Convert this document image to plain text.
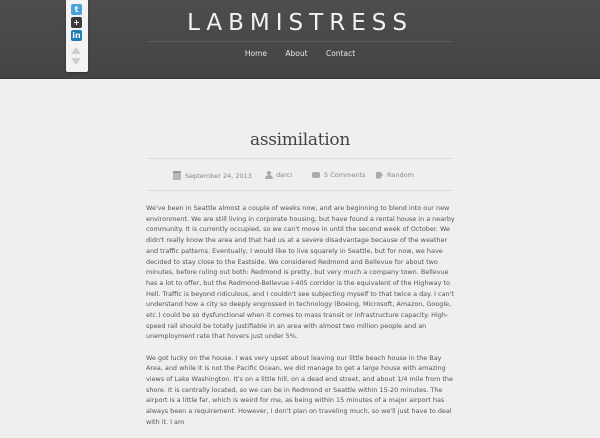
LABMISTRESS
Home About Contact
t
+
in
assimilation
September 24, 2013	darci	5 Comments	Random

We've been in Seattle almost a couple of weeks now, and are beginning to blend into our new environment. We are still living in corporate housing, but have found a rental house in a nearby community. It is currently occupied, so we can't move in until the second week of October. We didn't really know the area and that had us at a severe disadvantage because of the weather and traffic patterns. Eventually, I would like to live squarely in Seattle, but for now, we have decided to stay close to the Eastside. We considered Redmond and Bellevue for about two minutes, before ruling out both: Redmond is pretty, but very much a company town. Bellevue has a lot to offer, but the Redmond-Bellevue I-405 corridor is the equivalent of the Highway to Hell. Traffic is beyond ridiculous, and I couldn't see subjecting myself to that twice a day. I can't understand how a city so deeply engrossed in technology (Boeing, Microsoft, Amazon, Google, etc.) could be so dysfunctional when it comes to mass transit or infrastructure capacity. High-speed rail should be totally justifiable in an area with almost two million people and an unemployment rate that hovers just under 5%.

We got lucky on the house. I was very upset about leaving our little beach house in the Bay Area, and while it is not the Pacific Ocean, we did manage to get a large house with amazing views of Lake Washington. It's on a little hill, on a dead end street, and about 1/4 mile from the shore. It is centrally located, so we can be in Redmond or Seattle within 15-20 minutes. The airport is a little far, which is weird for me, as being within 15 minutes of a major airport has always been a requirement. However, I don't plan on traveling much, so we'll just have to deal with it. I am
